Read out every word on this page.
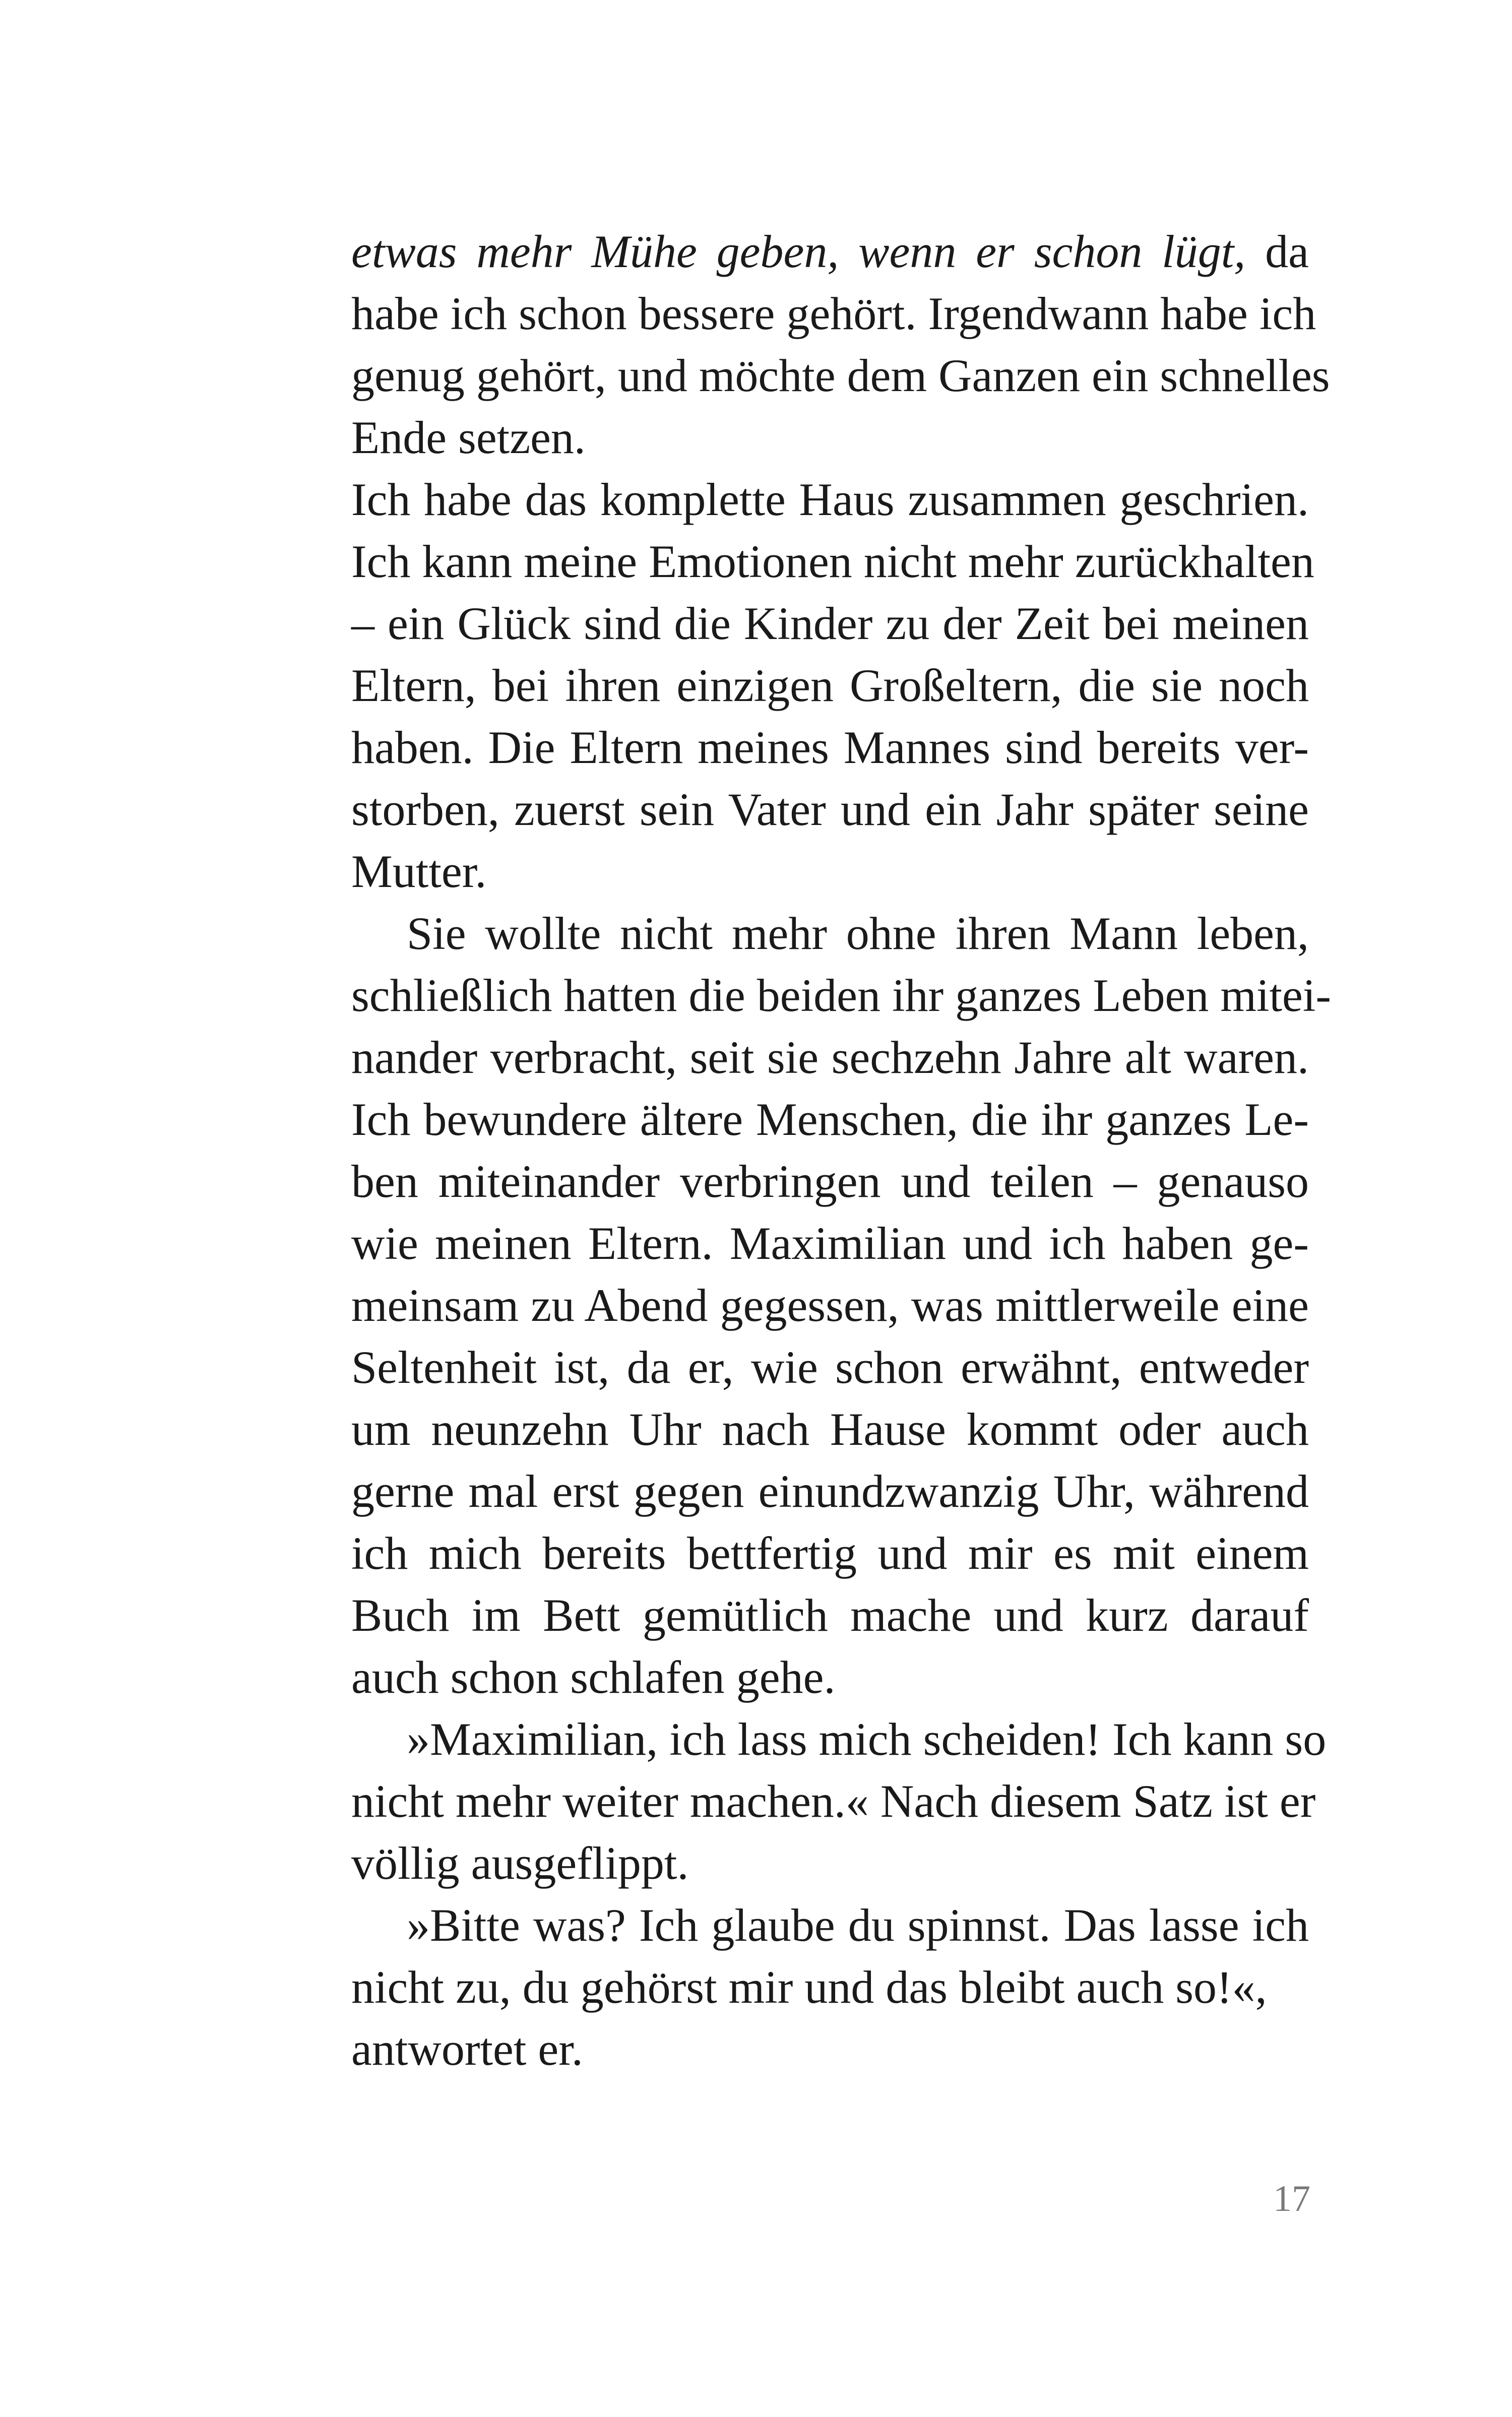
etwas mehr Mühe geben, wenn er schon lügt, da
habe ich schon bessere gehört. Irgendwann habe ich
genug gehört, und möchte dem Ganzen ein schnelles
Ende setzen.
Ich habe das komplette Haus zusammen geschrien.
Ich kann meine Emotionen nicht mehr zurückhalten
– ein Glück sind die Kinder zu der Zeit bei meinen
Eltern, bei ihren einzigen Großeltern, die sie noch
haben. Die Eltern meines Mannes sind bereits ver-
storben, zuerst sein Vater und ein Jahr später seine
Mutter.
Sie wollte nicht mehr ohne ihren Mann leben,
schließlich hatten die beiden ihr ganzes Leben mitei-
nander verbracht, seit sie sechzehn Jahre alt waren.
Ich bewundere ältere Menschen, die ihr ganzes Le-
ben miteinander verbringen und teilen – genauso
wie meinen Eltern. Maximilian und ich haben ge-
meinsam zu Abend gegessen, was mittlerweile eine
Seltenheit ist, da er, wie schon erwähnt, entweder
um neunzehn Uhr nach Hause kommt oder auch
gerne mal erst gegen einundzwanzig Uhr, während
ich mich bereits bettfertig und mir es mit einem
Buch im Bett gemütlich mache und kurz darauf
auch schon schlafen gehe.
»Maximilian, ich lass mich scheiden! Ich kann so
nicht mehr weiter machen.« Nach diesem Satz ist er
völlig ausgeflippt.
»Bitte was? Ich glaube du spinnst. Das lasse ich
nicht zu, du gehörst mir und das bleibt auch so!«,
antwortet er.
17
